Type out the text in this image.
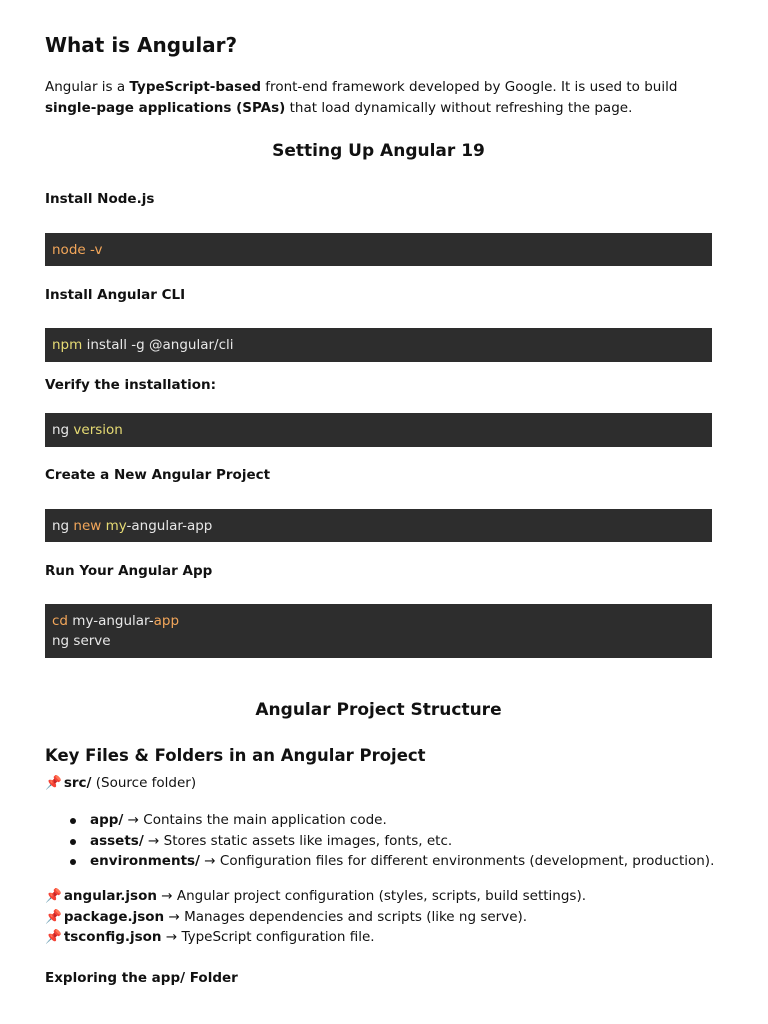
What is Angular?

Angular is a TypeScript-based front-end framework developed by Google. It is used to build
single-page applications (SPAs) that load dynamically without refreshing the page.

Setting Up Angular 19

Install Node.js

node -v

Install Angular CLI

npm install -g @angular/cli

Verify the installation:

ng version

Create a New Angular Project

ng new my-angular-app

Run Your Angular App

cd my-angular-app
ng serve

Angular Project Structure

Key Files & Folders in an Angular Project

📌 src/ (Source folder)

app/ → Contains the main application code.
assets/ → Stores static assets like images, fonts, etc.
environments/ → Configuration files for different environments (development, production).
📌 angular.json → Angular project configuration (styles, scripts, build settings).
📌 package.json → Manages dependencies and scripts (like ng serve).
📌 tsconfig.json → TypeScript configuration file.

Exploring the app/ Folder
